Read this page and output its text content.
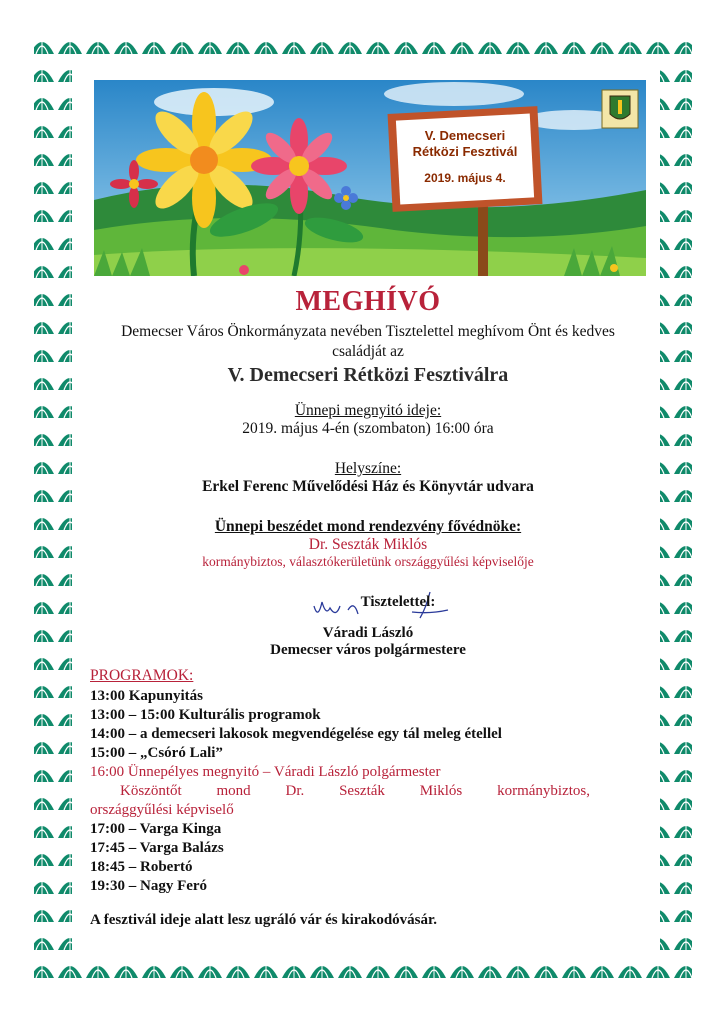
V. Demecseri
Rétközi Fesztivál
2019. május 4.
MEGHÍVÓ
Demecser Város Önkormányzata nevében Tisztelettel meghívom Önt és kedves
családját az
V. Demecseri Rétközi Fesztiválra
Ünnepi megnyitó ideje:
2019. május 4-én (szombaton) 16:00 óra
Helyszíne:
Erkel Ferenc Művelődési Ház és Könyvtár udvara
Ünnepi beszédet mond rendezvény fővédnöke:
Dr. Seszták Miklós
kormánybiztos, választókerületünk országgyűlési képviselője
Tisztelettel:
Váradi László
Demecser város polgármestere
PROGRAMOK:
13:00 Kapunyitás
13:00 – 15:00 Kulturális programok
14:00 – a demecseri lakosok megvendégelése egy tál meleg étellel
15:00 – „Csóró Lali”
16:00 Ünnepélyes megnyitó – Váradi László polgármester
Köszöntőt mond Dr. Seszták Miklós kormánybiztos,
országgyűlési képviselő
17:00 – Varga Kinga
17:45 – Varga Balázs
18:45 – Robertó
19:30 – Nagy Feró
A fesztivál ideje alatt lesz ugráló vár és kirakodóvásár.
